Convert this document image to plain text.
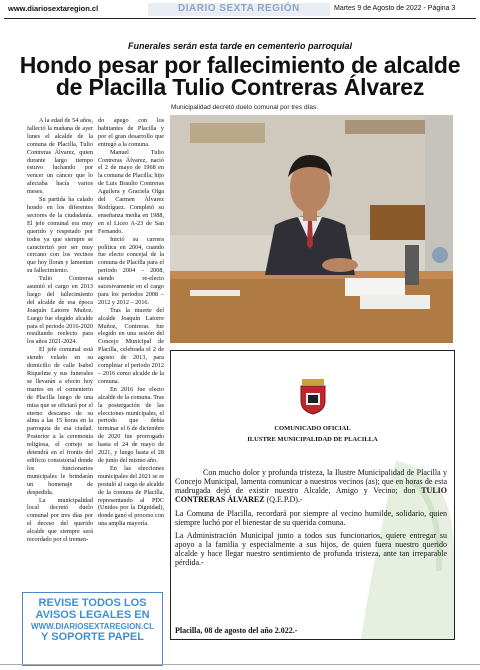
www.diariosextaregion.cl	DIARIO SEXTA REGIÓN	Martes 9 de Agosto de 2022 - Página 3
Funerales serán esta tarde en cementerio parroquial
Hondo pesar por fallecimiento de alcalde
de Placilla Tulio Contreras Álvarez
Municipalidad decretó duelo comunal por tres días.

A la edad de 54 años, falleció la mañana de ayer lunes el alcalde de la comuna de Placilla, Tulio Contreras Álvarez, quien durante largo tiempo estuvo luchando por vencer un cáncer que lo afectaba hacía varios meses.

Su partida ha calado hondo en los diferentes sectores de la ciudadanía. El jefe comunal era muy querido y respetado por todos ya que siempre se caracterizó por ser muy cercano con los vecinos que hoy lloran y lamentan su fallecimiento.

Tulio Contreras asumió el cargo en 2013 luego del fallecimiento del alcalde de esa época Joaquín Latorre Muñoz. Luego fue elegido alcalde para el periodo 2016-2020 resultando reelecto para los años 2021-2024.

El jefe comunal está siendo velado en su domicilio de calle Isabel Riquelme y sus funerales se llevarán a efecto hoy martes en el cementerio de Placilla luego de una misa que se oficiará por el eterno descanso de su alma a las 15 horas en la parroquia de esa ciudad. Posterior a la ceremonia religiosa, el cortejo se detendrá en el frontis del edificio consistorial donde los funcionarios municipales le brindarán un homenaje de despedida.

La municipalidad local decretó duelo comunal por tres días por el deceso del querido alcalde que siempre será recordado por el tremen-

do apego con los habitantes de Placilla y por el gran desarrollo que entregó a la comuna.

Manuel Tulio Contreras Álvarez, nació el 2 de mayo de 1968 en la comuna de Placilla; hijo de Luis Braulio Contreras Aguilera y Graciela Olga del Carmen Álvarez Rodríguez. Completó su enseñanza media en 1988, en el Liceo A-23 de San Fernando.

Inició su carrera política en 2004, cuando fue electo concejal de la comuna de Placilla para el periodo 2004 – 2008, siendo re-electo sucesivamente en el cargo para los periodos 2008 – 2012 y 2012 – 2016.

Tras la muerte del alcalde Joaquín Latorre Muñoz, Contreras fue elegido en una sesión del Concejo Municipal de Placilla, celebrada el 2 de agosto de 2013, para completar el periodo 2012 – 2016 como alcalde de la comuna.

En 2016 fue electo alcalde de la comuna. Tras la postergación de las elecciones municipales, el periodo que debía terminar el 6 de diciembre de 2020 fue prorrogado hasta el 24 de mayo de 2021, y luego hasta el 28 de junio del mismo año.

En las elecciones municipales del 2021 se re postuló al cargo de alcalde de la comuna de Placilla, representando al PDC (Unidos por la Dignidad), donde ganó el proceso con una amplia mayoría.

REVISE TODOS LOS
AVISOS LEGALES EN
WWW.DIARIOSEXTAREGION.CL
Y SOPORTE PAPEL
COMUNICADO OFICIAL
ILUSTRE MUNICIPALIDAD DE PLACILLA

Con mucho dolor y profunda tristeza, la Ilustre Municipalidad de Placilla y Concejo Municipal, lamenta comunicar a nuestros vecinos (as); que en horas de esta madrugada dejó de existir nuestro Alcalde, Amigo y Vecino; don TULIO CONTRERAS ÁLVAREZ (Q.E.P.D).-

La Comuna de Placilla, recordará por siempre al vecino humilde, solidario, quien siempre luchó por el bienestar de su querida comuna.

La Administración Municipal junto a todos sus funcionarios, quiere entregar su apoyo a la familia y especialmente a sus hijos, de quien fuera nuestro querido alcalde y hace llegar nuestro sentimiento de profunda tristeza, ante tan irreparable pérdida.-

Placilla, 08 de agosto del año 2.022.-
